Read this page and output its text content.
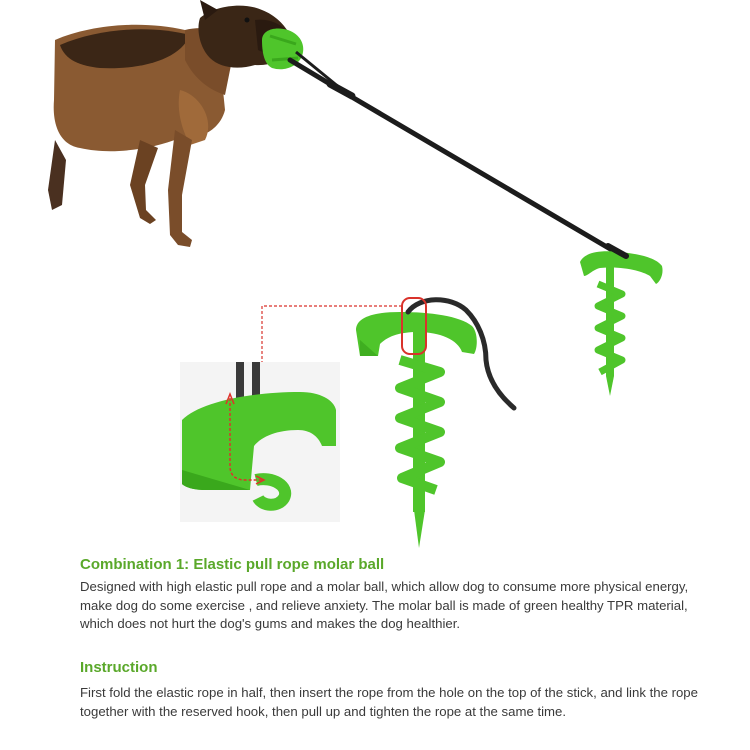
Combination 1: Elastic pull rope molar ball

Designed with high elastic pull rope and a molar ball, which allow dog to consume more physical energy, make dog do some exercise , and relieve anxiety. The molar ball is made of green healthy TPR material, which does not hurt the dog's gums and makes the dog healthier.

Instruction

First fold the elastic rope in half, then insert the rope from the hole on the top of the stick, and link the rope together with the reserved hook, then pull up and tighten the rope at the same time.
